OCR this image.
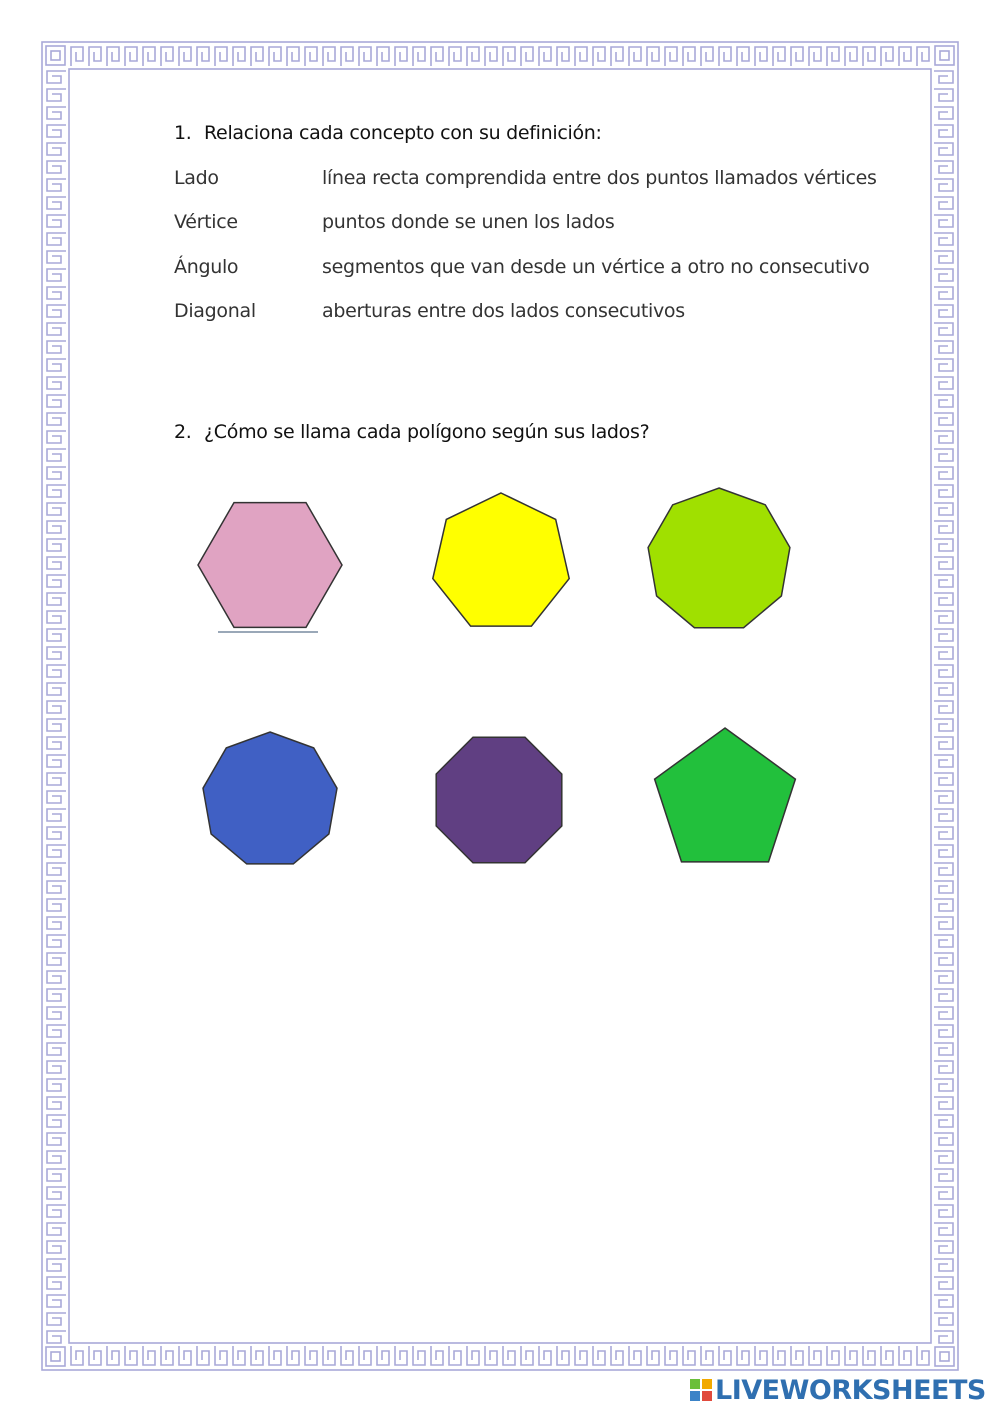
1. Relaciona cada concepto con su definición:
Lado	línea recta comprendida entre dos puntos llamados vértices
Vértice	puntos donde se unen los lados
Ángulo	segmentos que van desde un vértice a otro no consecutivo
Diagonal	aberturas entre dos lados consecutivos
2. ¿Cómo se llama cada polígono según sus lados?
LIVEWORKSHEETS
